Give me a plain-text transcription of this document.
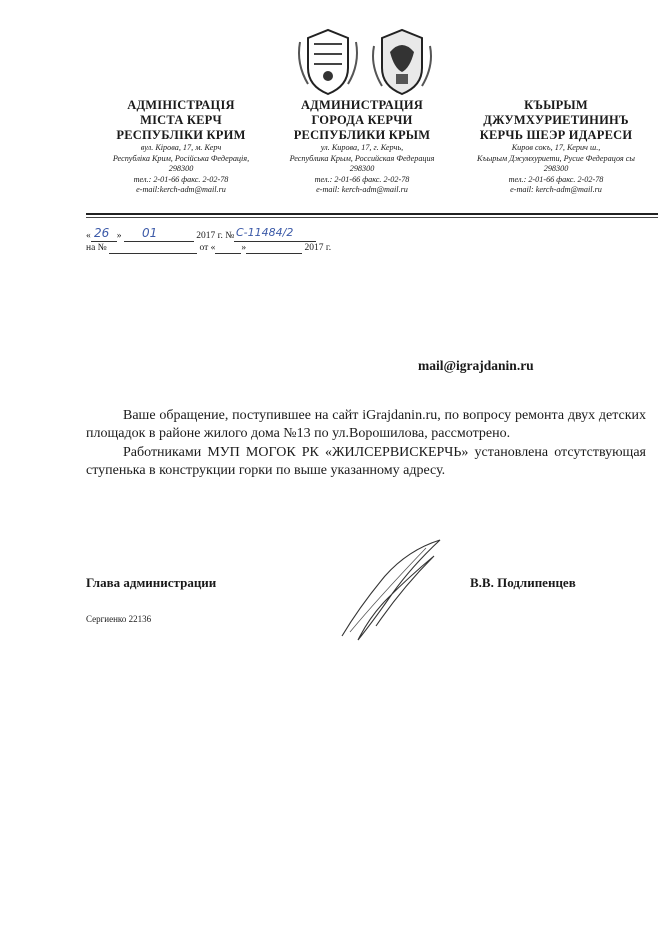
АДМІНІСТРАЦІЯ
МІСТА КЕРЧ
РЕСПУБЛІКИ КРИМ
вул. Кірова, 17, м. Керч
Республіка Крим, Російська Федерація,
298300
тел.: 2-01-66 факс. 2-02-78
e-mail:kerch-adm@mail.ru
АДМИНИСТРАЦИЯ
ГОРОДА КЕРЧИ
РЕСПУБЛИКИ КРЫМ
ул. Кирова, 17, г. Керчь,
Республика Крым, Российская Федерация
298300
тел.: 2-01-66 факс. 2-02-78
e-mail: kerch-adm@mail.ru
КЪЫРЫМ
ДЖУМХУРИЕТИНИНЪ
КЕРЧЬ ШЕЭР ИДАРЕСИ
Киров сокъ, 17, Керич ш.,
Къырым Джумхуриети, Русие Федерацоя сы
298300
тел.: 2-01-66 факс. 2-02-78
e-mail: kerch-adm@mail.ru
«	»	2017 г. №
26	01	С-11484/2
на №	от «	»	2017 г.
mail@igrajdanin.ru

Ваше обращение, поступившее на сайт iGrajdanin.ru, по вопросу ремонта двух детских площадок в районе жилого дома №13 по ул.Ворошилова, рассмотрено.

Работниками МУП МОГОК РК «ЖИЛСЕРВИСКЕРЧЬ» установлена отсутствующая ступенька в конструкции горки по выше указанному адресу.

Глава администрации	В.В. Подлипенцев
Сергиенко 22136
